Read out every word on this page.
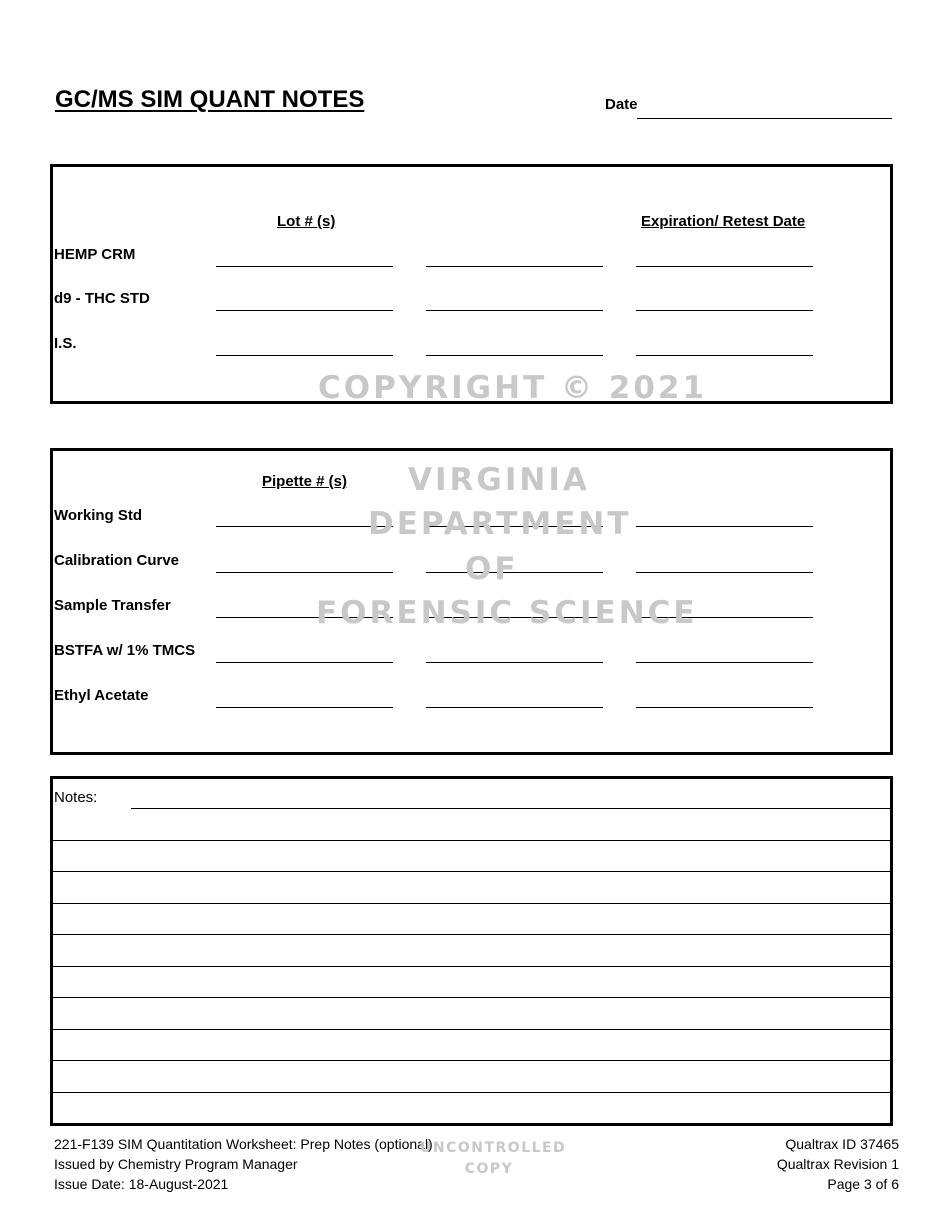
GC/MS SIM QUANT NOTES	Date
Lot # (s)	Expiration/ Retest Date
HEMP CRM
d9 - THC STD
I.S.
COPYRIGHT © 2021
Pipette # (s)
Working Std
Calibration Curve
Sample Transfer
BSTFA w/ 1% TMCS
Ethyl Acetate
VIRGINIA
DEPARTMENT
OF
FORENSIC SCIENCE
Notes:
221-F139 SIM Quantitation Worksheet: Prep Notes (optional)
Issued by Chemistry Program Manager
Issue Date: 18-August-2021
Qualtrax ID 37465
Qualtrax Revision 1
Page 3 of 6
UNCONTROLLED
COPY
